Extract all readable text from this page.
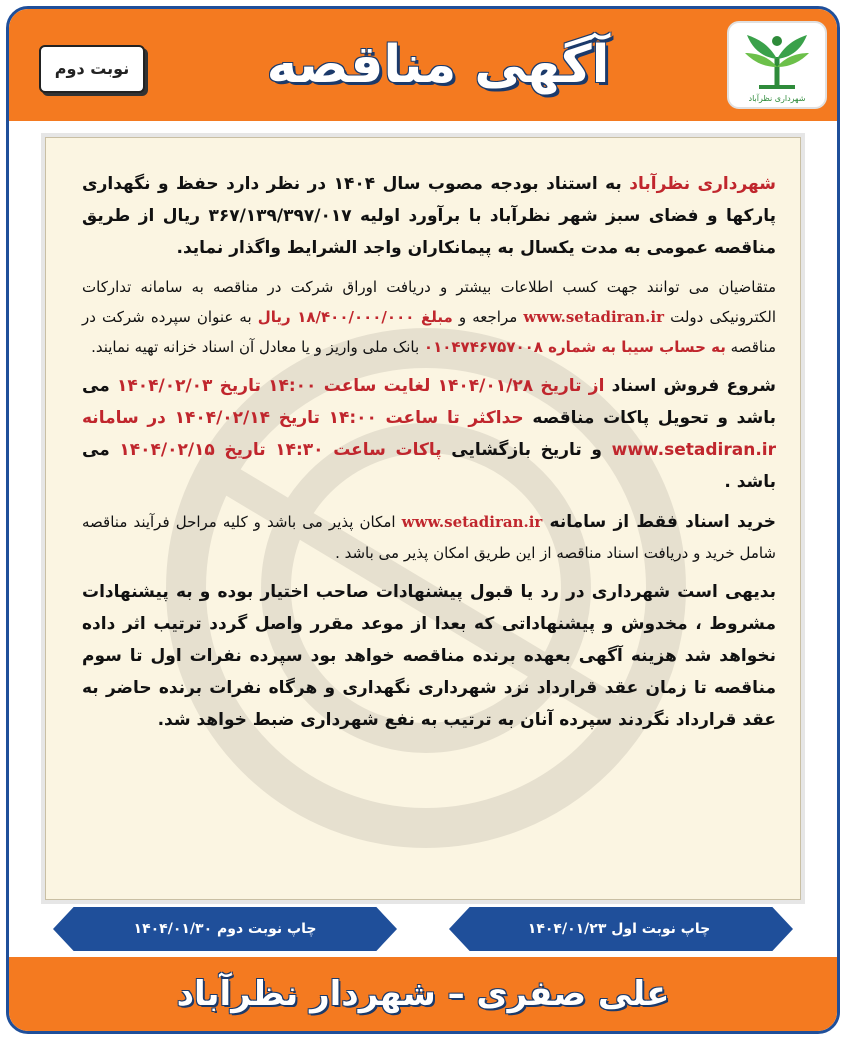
نوبت دوم	آگهی مناقصه
شهرداری نظرآباد

شهرداری نظرآباد به استناد بودجه مصوب سال ۱۴۰۴ در نظر دارد حفظ و نگهداری پارکها و فضای سبز شهر نظرآباد با برآورد اولیه ۳۶۷/۱۳۹/۳۹۷/۰۱۷ ریال از طریق مناقصه عمومی به مدت یکسال به پیمانکاران واجد الشرایط واگذار نماید.

متقاضیان می توانند جهت کسب اطلاعات بیشتر و دریافت اوراق شرکت در مناقصه به سامانه تدارکات الکترونیکی دولت www.setadiran.ir مراجعه و مبلغ ۱۸/۴۰۰/۰۰۰/۰۰۰ ریال به عنوان سپرده شرکت در مناقصه به حساب سیبا به شماره ۰۱۰۴۷۴۶۷۵۷۰۰۸ بانک ملی واریز و یا معادل آن اسناد خزانه تهیه نمایند.

شروع فروش اسناد از تاریخ ۱۴۰۴/۰۱/۲۸ لغایت ساعت ۱۴:۰۰ تاریخ ۱۴۰۴/۰۲/۰۳ می باشد و تحویل پاکات مناقصه حداکثر تا ساعت ۱۴:۰۰ تاریخ ۱۴۰۴/۰۲/۱۴ در سامانه www.setadiran.ir و تاریخ بازگشایی پاکات ساعت ۱۴:۳۰ تاریخ ۱۴۰۴/۰۲/۱۵ می باشد .

خرید اسناد فقط از سامانه www.setadiran.ir امکان پذیر می باشد و کلیه مراحل فرآیند مناقصه شامل خرید و دریافت اسناد مناقصه از این طریق امکان پذیر می باشد .

بدیهی است شهرداری در رد یا قبول پیشنهادات صاحب اختیار بوده و به پیشنهادات مشروط ، مخدوش و پیشنهاداتی که بعدا از موعد مقرر واصل گردد ترتیب اثر داده نخواهد شد هزینه آگهی بعهده برنده مناقصه خواهد بود سپرده نفرات اول تا سوم مناقصه تا زمان عقد قرارداد نزد شهرداری نگهداری و هرگاه نفرات برنده حاضر به عقد قرارداد نگردند سپرده آنان به ترتیب به نفع شهرداری ضبط خواهد شد.

چاپ نوبت اول ۱۴۰۴/۰۱/۲۳
چاپ نوبت دوم ۱۴۰۴/۰۱/۳۰
علی صفری – شهردار نظرآباد
